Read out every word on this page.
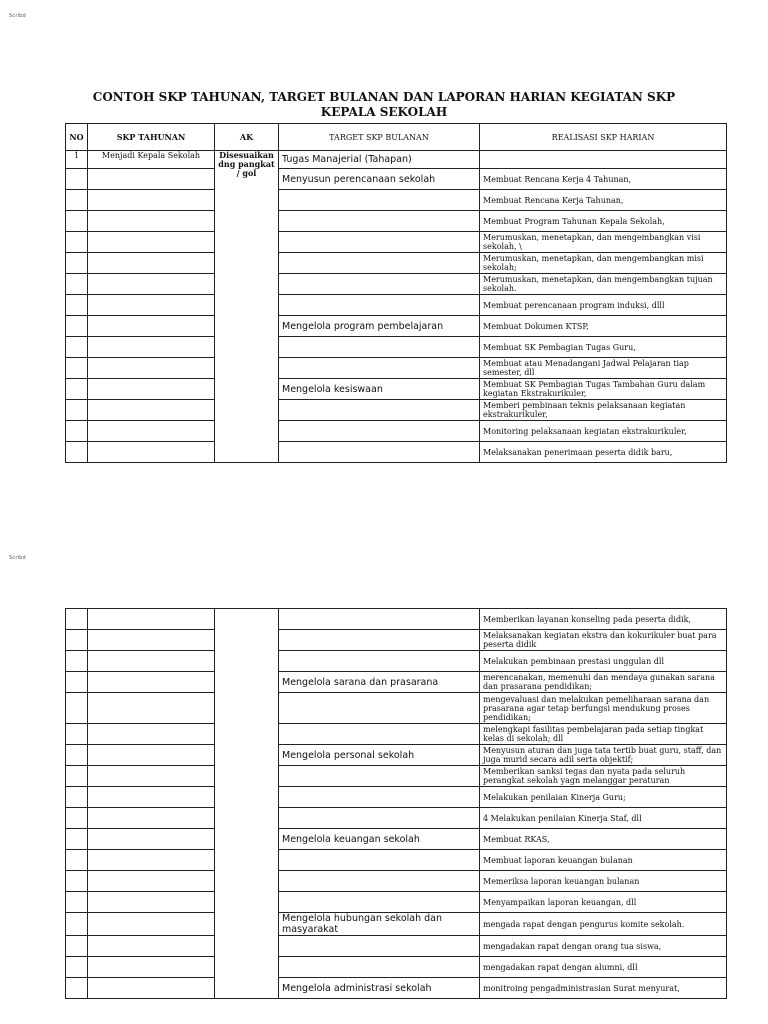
Scribd
CONTOH SKP TAHUNAN, TARGET BULANAN DAN LAPORAN HARIAN KEGIATAN SKP
KEPALA SEKOLAH
NO	SKP TAHUNAN	AK	TARGET SKP BULANAN	REALISASI SKP HARIAN
1	Menjadi Kepala Sekolah	Disesuaikan dng pangkat / gol	Tugas Manajerial (Tahapan)	
			Menyusun perencanaan sekolah	Membuat Rencana Kerja 4 Tahunan,
				Membuat Rencana Kerja Tahunan,
				Membuat Program Tahunan Kepala Sekolah,
				Merumuskan, menetapkan, dan mengembangkan visi sekolah, \
				Merumuskan, menetapkan, dan mengembangkan misi sekolah;
				Merumuskan, menetapkan, dan mengembangkan tujuan sekolah.
				Membuat perencanaan program induksi, dlll
			Mengelola program pembelajaran	Membuat Dokumen KTSP,
				Membuat SK Pembagian Tugas Guru,
				Membuat atau Menadangani Jadwal Pelajaran tiap semester, dll
			Mengelola kesiswaan	Membuat SK Pembagian Tugas Tambahan Guru dalam kegiatan Ekstrakurikuler,
				Memberi pembinaan teknis pelaksanaan kegiatan ekstrakurikuler,
				Monitoring pelaksanaan kegiatan ekstrakurikuler,
				Melaksanakan penerimaan peserta didik baru,
Scribd
				Memberikan layanan konseling pada peserta didik,
				Melaksanakan kegiatan ekstra dan kokurikuler buat para peserta didik
				Melakukan pembinaan prestasi unggulan dll
			Mengelola sarana dan prasarana	merencanakan, memenuhi dan mendaya gunakan sarana dan prasarana pendidikan;
				mengevaluasi dan melakukan pemeliharaan sarana dan prasarana agar tetap berfungsi mendukung proses pendidikan;
				melengkapi fasilitas pembelajaran pada setiap tingkat kelas di sekolah; dll
			Mengelola personal sekolah	Menyusun aturan dan juga tata tertib buat guru, staff, dan juga murid secara adil serta objektif;
				Memberikan sanksi tegas dan nyata pada seluruh perangkat sekolah yagn melanggar peraturan
				Melakukan penilaian Kinerja Guru;
				4 Melakukan penilaian Kinerja Staf, dll
			Mengelola keuangan sekolah	Membuat RKAS,
				Membuat laporan keuangan bulanan
				Memeriksa laporan keuangan bulanan
				Menyampaikan laporan keuangan, dll
			Mengelola hubungan sekolah dan masyarakat	mengada rapat dengan pengurus komite sekolah.
				mengadakan rapat dengan orang tua siswa,
				mengadakan rapat dengan alumni, dll
			Mengelola administrasi sekolah	monitroing pengadministrasian Surat menyurat,
